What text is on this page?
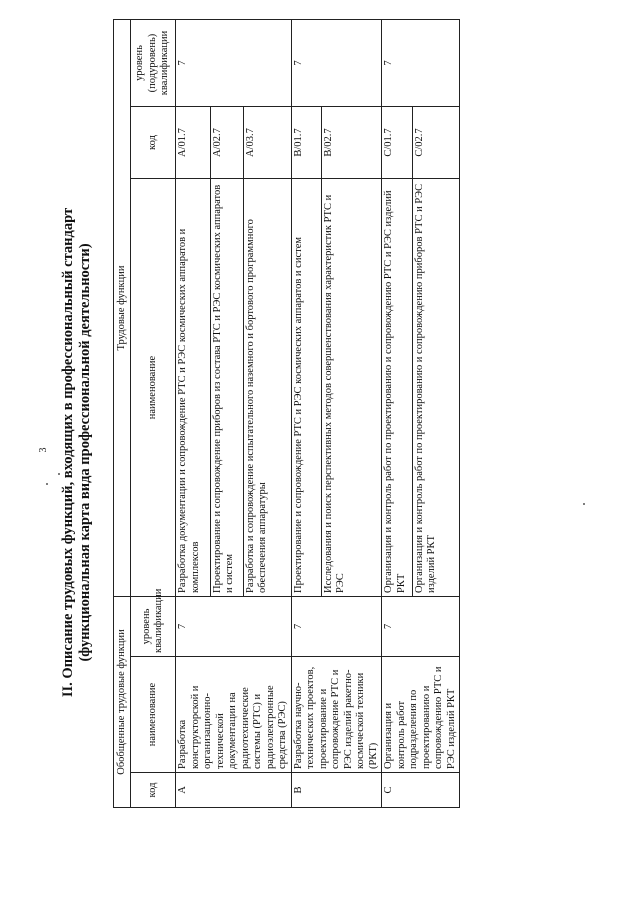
3 II. Описание трудовых функций, входящих в профессиональный стандарт (функциональная карта вида профессиональной деятельности)
Обобщенные трудовые функции			Трудовые функции		
код	наименование	уровень квалификации	наименование	код	уровень (подуровень) квалификации
A	Разработка конструкторской и организационно-технической документации на радиотехнические системы (РТС) и радиоэлектронные средства (РЭС)	7	Разработка документации и сопровождение РТС и РЭС космических аппаратов и комплексов	A/01.7	7
			Проектирование и сопровождение приборов из состава РТС и РЭС космических аппаратов и систем	A/02.7	
			Разработка и сопровождение испытательного наземного и бортового программного обеспечения аппаратуры	A/03.7	
B	Разработка научно-технических проектов, проектирование и сопровождение РТС и РЭС изделий ракетно-космической техники (РКТ)	7	Проектирование и сопровождение РТС и РЭС космических аппаратов и систем	B/01.7	7
			Исследования и поиск перспективных методов совершенствования характеристик РТС и РЭС	B/02.7	
C	Организация и контроль работ подразделения по проектированию и сопровождению РТС и РЭС изделий РКТ	7	Организация и контроль работ по проектированию и сопровождению РТС и РЭС изделий РКТ	C/01.7	7
			Организация и контроль работ по проектированию и сопровождению приборов РТС и РЭС изделий РКТ	C/02.7	
